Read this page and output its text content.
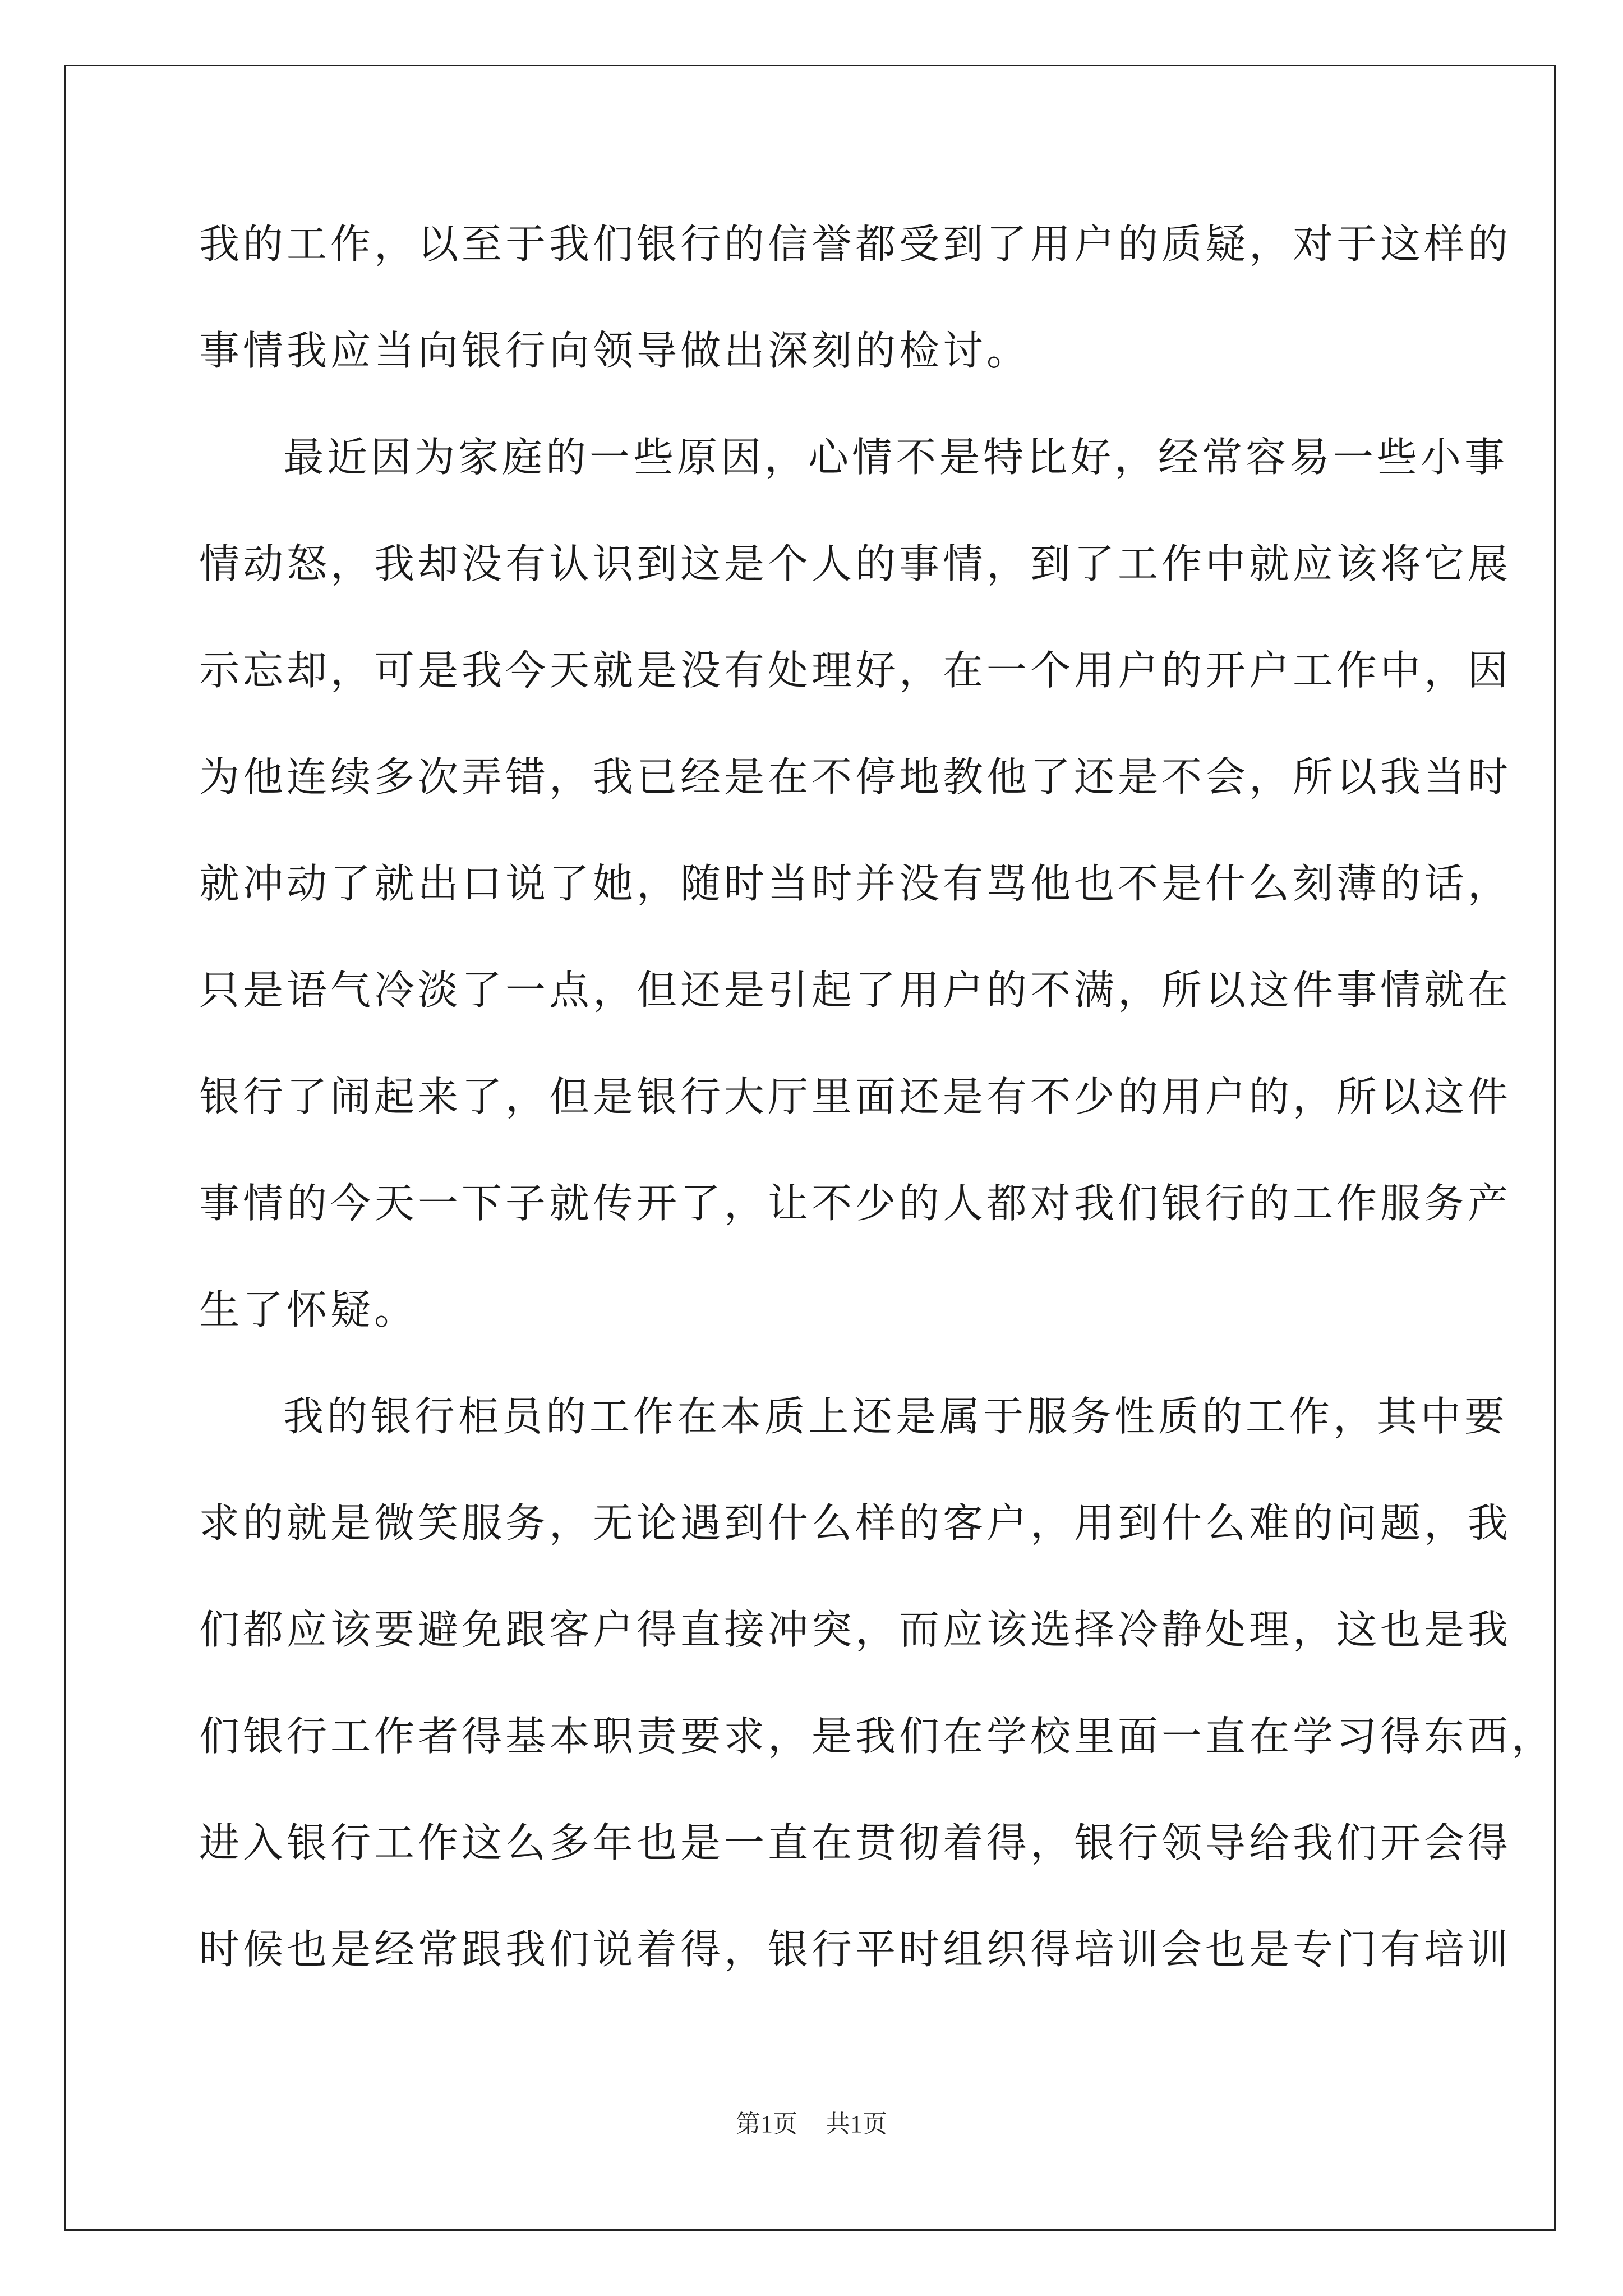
我的工作，以至于我们银行的信誉都受到了用户的质疑，对于这样的
事情我应当向银行向领导做出深刻的检讨。
最近因为家庭的一些原因，心情不是特比好，经常容易一些小事
情动怒，我却没有认识到这是个人的事情，到了工作中就应该将它展
示忘却，可是我今天就是没有处理好，在一个用户的开户工作中，因
为他连续多次弄错，我已经是在不停地教他了还是不会，所以我当时
就冲动了就出口说了她，随时当时并没有骂他也不是什么刻薄的话，
只是语气冷淡了一点，但还是引起了用户的不满，所以这件事情就在
银行了闹起来了，但是银行大厅里面还是有不少的用户的，所以这件
事情的今天一下子就传开了，让不少的人都对我们银行的工作服务产
生了怀疑。
我的银行柜员的工作在本质上还是属于服务性质的工作，其中要
求的就是微笑服务，无论遇到什么样的客户，用到什么难的问题，我
们都应该要避免跟客户得直接冲突，而应该选择冷静处理，这也是我
们银行工作者得基本职责要求，是我们在学校里面一直在学习得东西，
进入银行工作这么多年也是一直在贯彻着得，银行领导给我们开会得
时候也是经常跟我们说着得，银行平时组织得培训会也是专门有培训
第1页 共1页
